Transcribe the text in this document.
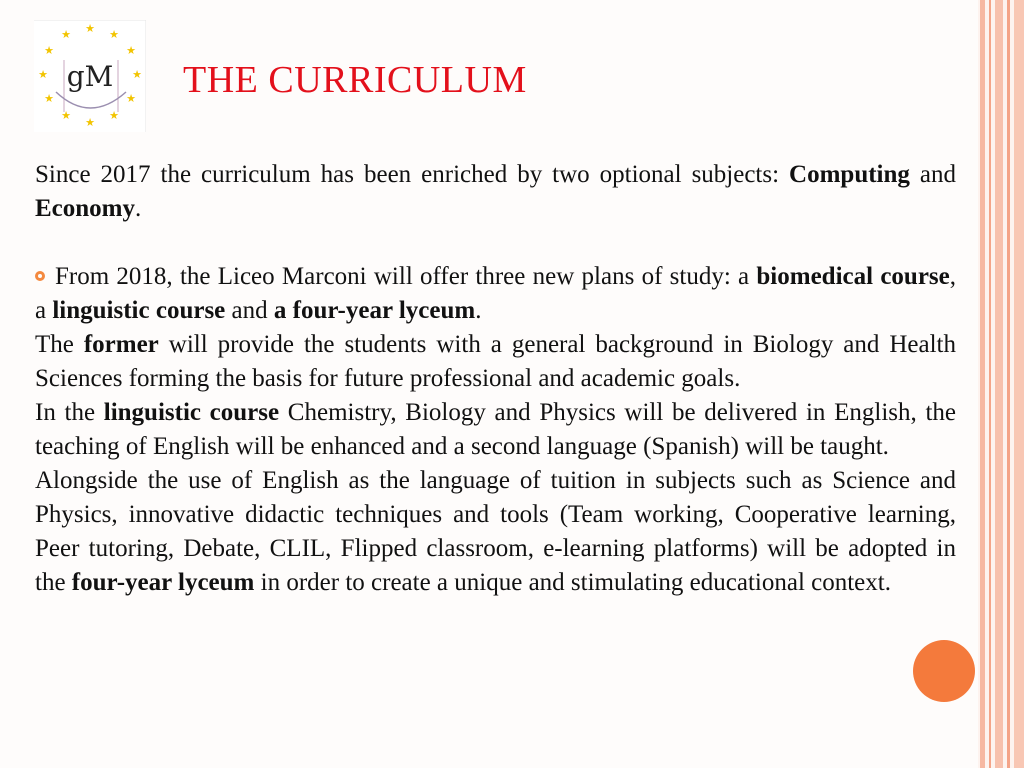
★ ★
★
★
★
★
★
★
★
★
★
★
gM THE CURRICULUM

Since 2017 the curriculum has been enriched by two optional subjects: Computing and Economy.

From 2018, the Liceo Marconi will offer three new plans of study: a biomedical course, a linguistic course and a four-year lyceum.

The former will provide the students with a general background in Biology and Health Sciences forming the basis for future professional and academic goals.

In the linguistic course Chemistry, Biology and Physics will be delivered in English, the teaching of English will be enhanced and a second language (Spanish) will be taught.

Alongside the use of English as the language of tuition in subjects such as Science and Physics, innovative didactic techniques and tools (Team working, Cooperative learning, Peer tutoring, Debate, CLIL, Flipped classroom, e-learning platforms) will be adopted in the four-year lyceum in order to create a unique and stimulating educational context.
